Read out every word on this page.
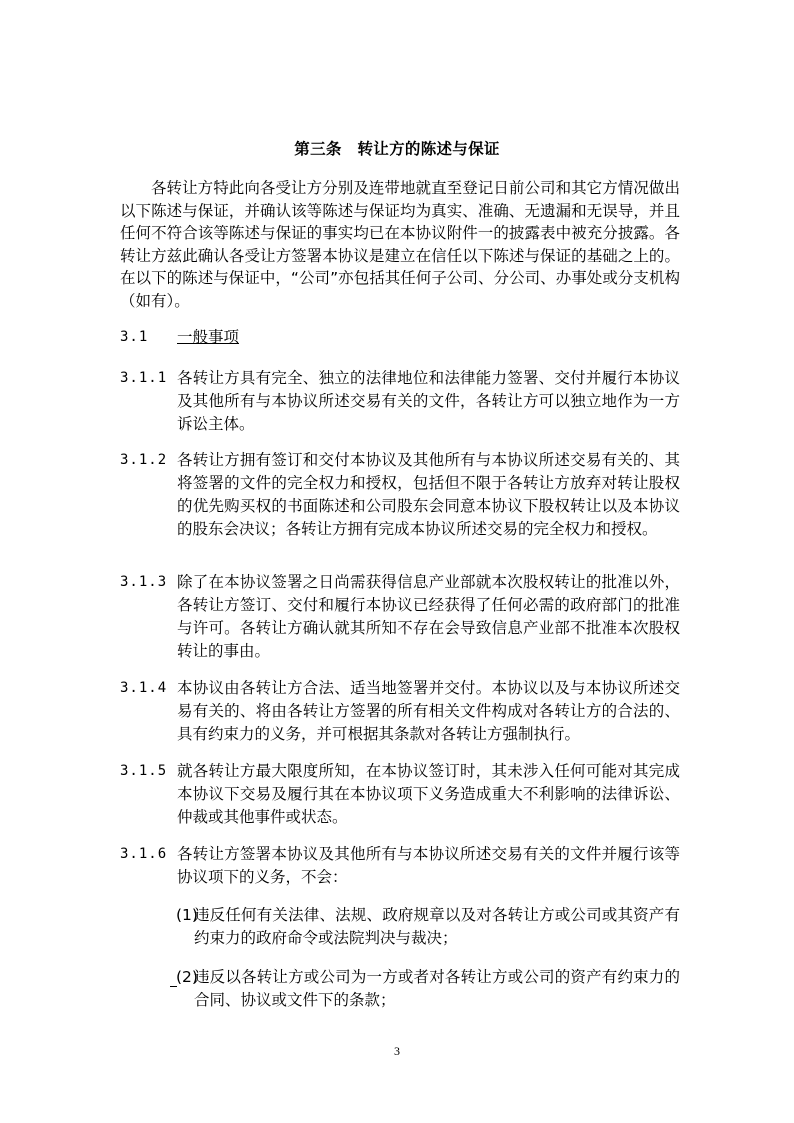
第三条　转让方的陈述与保证
各转让方特此向各受让方分别及连带地就直至登记日前公司和其它方情况做出以下陈述与保证，并确认该等陈述与保证均为真实、准确、无遗漏和无误导，并且任何不符合该等陈述与保证的事实均已在本协议附件一的披露表中被充分披露。各转让方兹此确认各受让方签署本协议是建立在信任以下陈述与保证的基础之上的。在以下的陈述与保证中，“公司”亦包括其任何子公司、分公司、办事处或分支机构（如有）。
3.1 一般事项
3.1.1 各转让方具有完全、独立的法律地位和法律能力签署、交付并履行本协议及其他所有与本协议所述交易有关的文件，各转让方可以独立地作为一方诉讼主体。
3.1.2 各转让方拥有签订和交付本协议及其他所有与本协议所述交易有关的、其将签署的文件的完全权力和授权，包括但不限于各转让方放弃对转让股权的优先购买权的书面陈述和公司股东会同意本协议下股权转让以及本协议的股东会决议；各转让方拥有完成本协议所述交易的完全权力和授权。
3.1.3 除了在本协议签署之日尚需获得信息产业部就本次股权转让的批准以外，各转让方签订、交付和履行本协议已经获得了任何必需的政府部门的批准与许可。各转让方确认就其所知不存在会导致信息产业部不批准本次股权转让的事由。
3.1.4 本协议由各转让方合法、适当地签署并交付。本协议以及与本协议所述交易有关的、将由各转让方签署的所有相关文件构成对各转让方的合法的、具有约束力的义务，并可根据其条款对各转让方强制执行。
3.1.5 就各转让方最大限度所知，在本协议签订时，其未涉入任何可能对其完成本协议下交易及履行其在本协议项下义务造成重大不利影响的法律诉讼、仲裁或其他事件或状态。
3.1.6 各转让方签署本协议及其他所有与本协议所述交易有关的文件并履行该等协议项下的义务，不会：
(1)
违反任何有关法律、法规、政府规章以及对各转让方或公司或其资产有约束力的政府命令或法院判决与裁决；
(2)
违反以各转让方或公司为一方或者对各转让方或公司的资产有约束力的合同、协议或文件下的条款；
3
